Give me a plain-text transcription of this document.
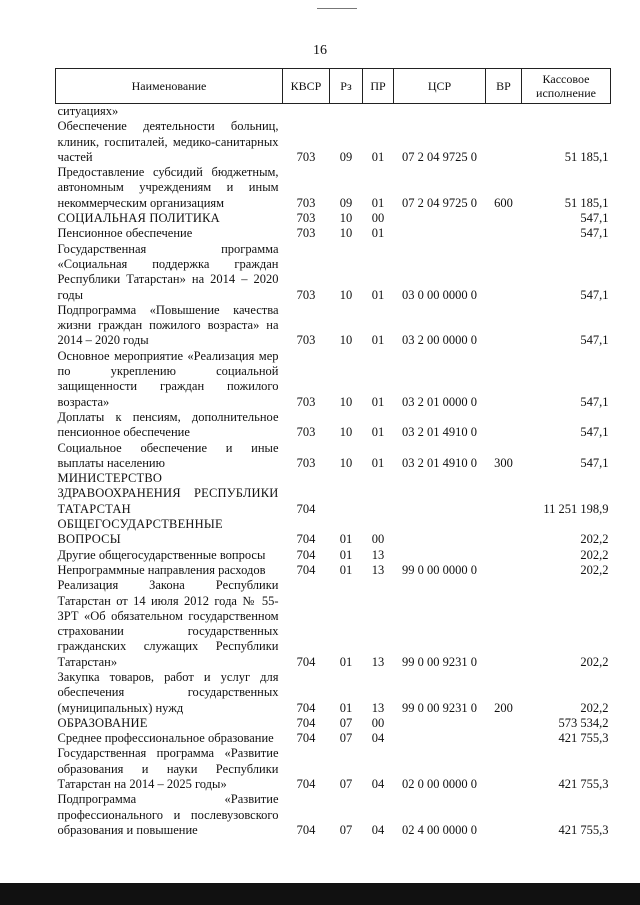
16
Наименование	КВСР	Рз	ПР	ЦСР	ВР	Кассовое исполнение
ситуациях»						
Обеспечение деятельности больниц, клиник, госпиталей, медико-санитарных частей	703	09	01	07 2 04 9725 0		51 185,1
Предоставление субсидий бюджетным, автономным учреждениям и иным некоммерческим организациям	703	09	01	07 2 04 9725 0	600	51 185,1
СОЦИАЛЬНАЯ ПОЛИТИКА	703	10	00			547,1
Пенсионное обеспечение	703	10	01			547,1
Государственная программа «Социальная поддержка граждан Республики Татарстан» на 2014 – 2020 годы	703	10	01	03 0 00 0000 0		547,1
Подпрограмма «Повышение качества жизни граждан пожилого возраста» на 2014 – 2020 годы	703	10	01	03 2 00 0000 0		547,1
Основное мероприятие «Реализация мер по укреплению социальной защищенности граждан пожилого возраста»	703	10	01	03 2 01 0000 0		547,1
Доплаты к пенсиям, дополнительное пенсионное обеспечение	703	10	01	03 2 01 4910 0		547,1
Социальное обеспечение и иные выплаты населению	703	10	01	03 2 01 4910 0	300	547,1
МИНИСТЕРСТВО ЗДРАВООХРАНЕНИЯ РЕСПУБЛИКИ ТАТАРСТАН	704					11 251 198,9
ОБЩЕГОСУДАРСТВЕННЫЕ ВОПРОСЫ	704	01	00			202,2
Другие общегосударственные вопросы	704	01	13			202,2
Непрограммные направления расходов	704	01	13	99 0 00 0000 0		202,2
Реализация Закона Республики Татарстан от 14 июля 2012 года № 55-ЗРТ «Об обязательном государственном страховании государственных гражданских служащих Республики Татарстан»	704	01	13	99 0 00 9231 0		202,2
Закупка товаров, работ и услуг для обеспечения государственных (муниципальных) нужд	704	01	13	99 0 00 9231 0	200	202,2
ОБРАЗОВАНИЕ	704	07	00			573 534,2
Среднее профессиональное образование	704	07	04			421 755,3
Государственная программа «Развитие образования и науки Республики Татарстан на 2014 – 2025 годы»	704	07	04	02 0 00 0000 0		421 755,3
Подпрограмма «Развитие профессионального и послевузовского образования и повышение	704	07	04	02 4 00 0000 0		421 755,3
